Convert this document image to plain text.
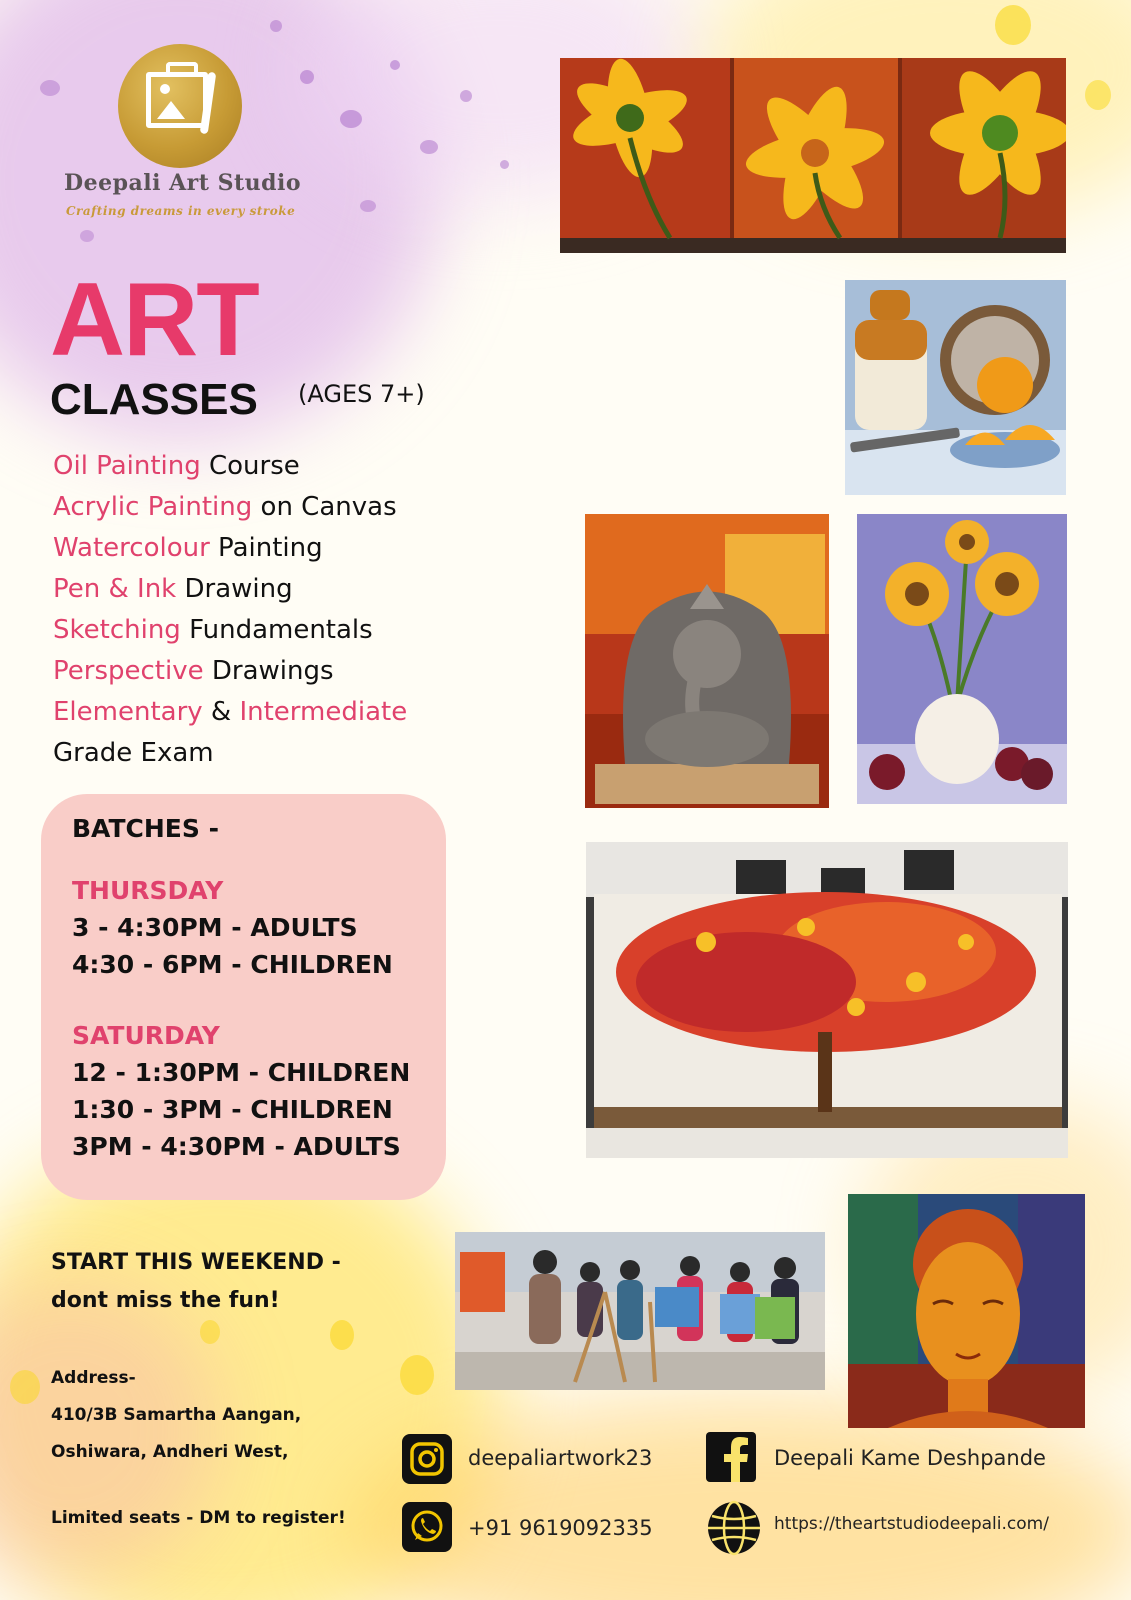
Deepali Art Studio
Crafting dreams in every stroke
ART
CLASSES (AGES 7+)
Oil Painting Course
Acrylic Painting on Canvas
Watercolour Painting
Pen & Ink Drawing
Sketching Fundamentals
Perspective Drawings
Elementary & Intermediate
Grade Exam
BATCHES -
THURSDAY
3 - 4:30PM - ADULTS
4:30 - 6PM - CHILDREN
SATURDAY
12 - 1:30PM - CHILDREN
1:30 - 3PM - CHILDREN
3PM - 4:30PM - ADULTS
START THIS WEEKEND -
dont miss the fun!
Address-
410/3B Samartha Aangan,
Oshiwara, Andheri West,
Limited seats - DM to register!
deepaliartwork23	Deepali Kame Deshpande
+91 9619092335	https://theartstudiodeepali.com/
